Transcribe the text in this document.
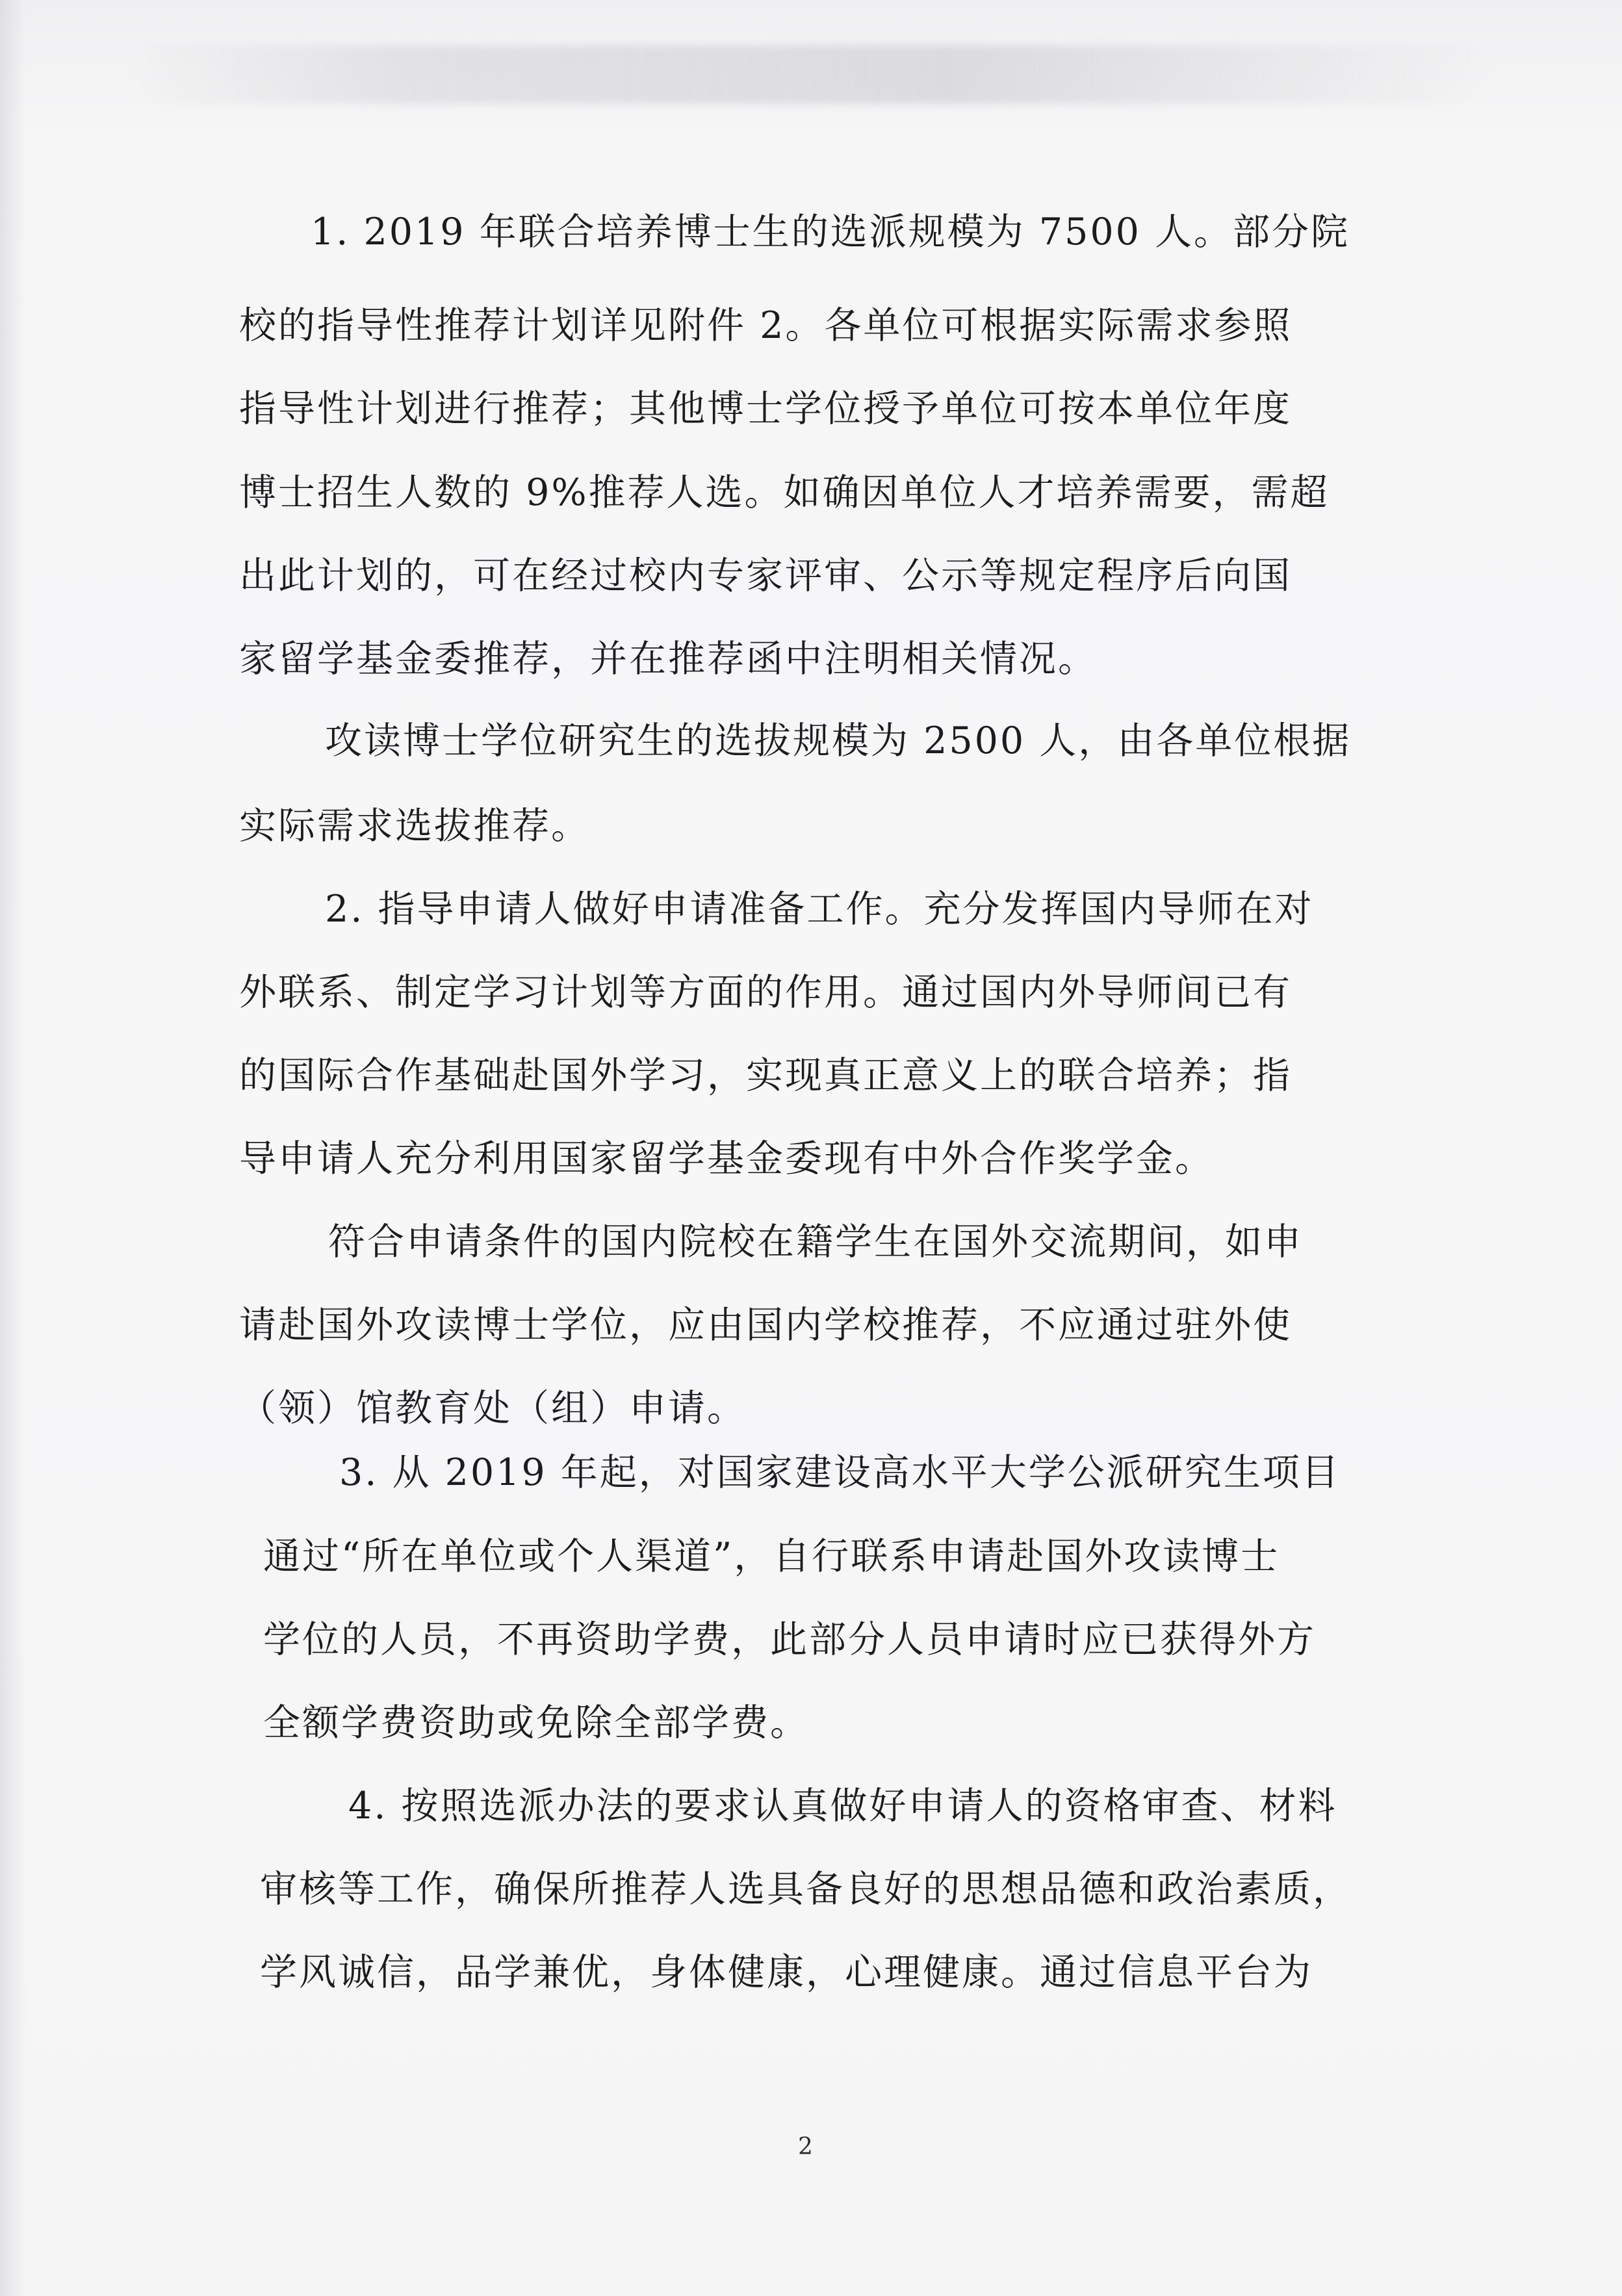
1. 2019 年联合培养博士生的选派规模为 7500 人。部分院

校的指导性推荐计划详见附件 2。各单位可根据实际需求参照

指导性计划进行推荐；其他博士学位授予单位可按本单位年度

博士招生人数的 9%推荐人选。如确因单位人才培养需要，需超

出此计划的，可在经过校内专家评审、公示等规定程序后向国

家留学基金委推荐，并在推荐函中注明相关情况。

攻读博士学位研究生的选拔规模为 2500 人，由各单位根据

实际需求选拔推荐。

2. 指导申请人做好申请准备工作。充分发挥国内导师在对

外联系、制定学习计划等方面的作用。通过国内外导师间已有

的国际合作基础赴国外学习，实现真正意义上的联合培养；指

导申请人充分利用国家留学基金委现有中外合作奖学金。

符合申请条件的国内院校在籍学生在国外交流期间，如申

请赴国外攻读博士学位，应由国内学校推荐，不应通过驻外使

（领）馆教育处（组）申请。

3. 从 2019 年起，对国家建设高水平大学公派研究生项目

通过“所在单位或个人渠道”，自行联系申请赴国外攻读博士

学位的人员，不再资助学费，此部分人员申请时应已获得外方

全额学费资助或免除全部学费。

4. 按照选派办法的要求认真做好申请人的资格审查、材料

审核等工作，确保所推荐人选具备良好的思想品德和政治素质，

学风诚信，品学兼优，身体健康，心理健康。通过信息平台为

2
